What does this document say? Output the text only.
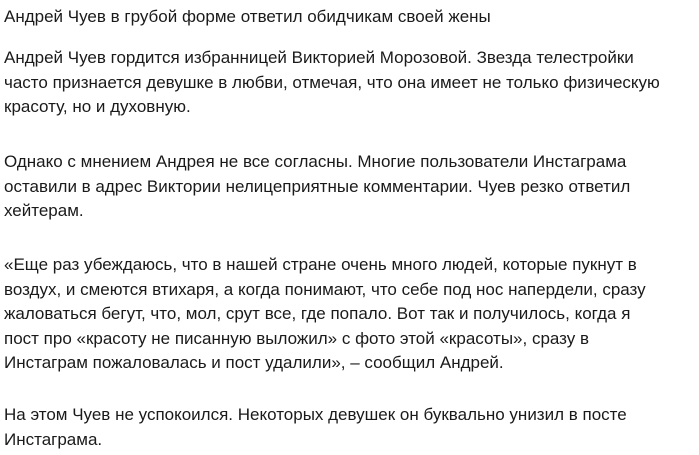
Андрей Чуев в грубой форме ответил обидчикам своей жены

Андрей Чуев гордится избранницей Викторией Морозовой. Звезда телестройки
часто признается девушке в любви, отмечая, что она имеет не только физическую
красоту, но и духовную.

Однако с мнением Андрея не все согласны. Многие пользователи Инстаграма
оставили в адрес Виктории нелицеприятные комментарии. Чуев резко ответил
хейтерам.

«Еще раз убеждаюсь, что в нашей стране очень много людей, которые пукнут в
воздух, и смеются втихаря, а когда понимают, что себе под нос напердели, сразу
жаловаться бегут, что, мол, срут все, где попало. Вот так и получилось, когда я
пост про «красоту не писанную выложил» с фото этой «красоты», сразу в
Инстаграм пожаловалась и пост удалили», – сообщил Андрей.

На этом Чуев не успокоился. Некоторых девушек он буквально унизил в посте
Инстаграма.
